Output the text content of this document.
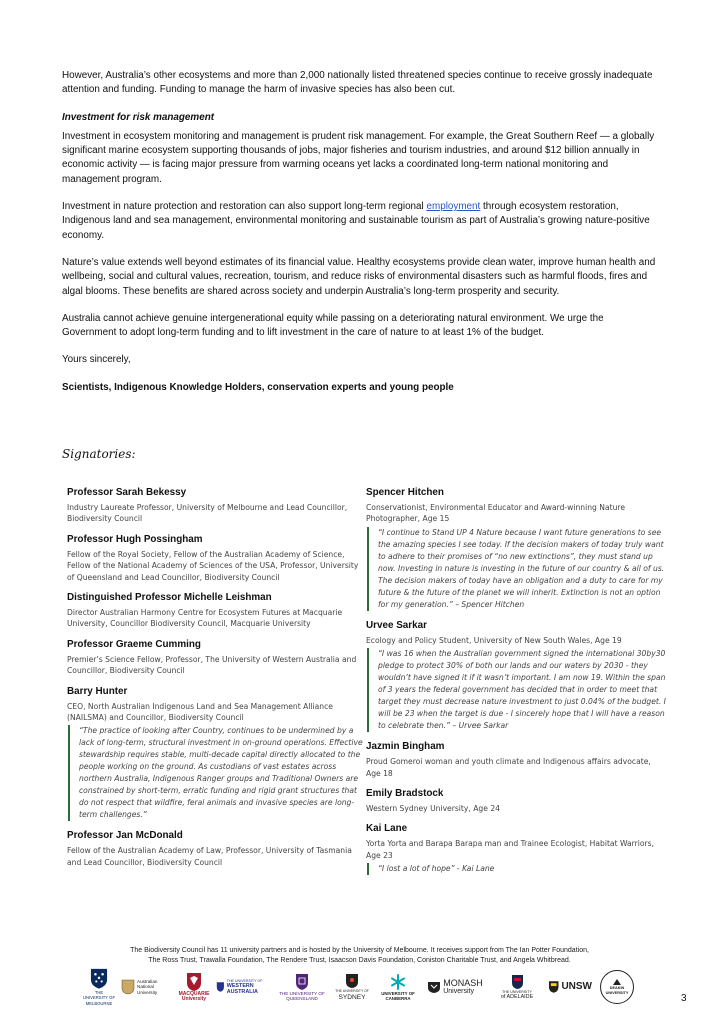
However, Australia’s other ecosystems and more than 2,000 nationally listed threatened species continue to receive grossly inadequate attention and funding. Funding to manage the harm of invasive species has also been cut.

Investment for risk management

Investment in ecosystem monitoring and management is prudent risk management. For example, the Great Southern Reef — a globally significant marine ecosystem supporting thousands of jobs, major fisheries and tourism industries, and around $12 billion annually in economic activity — is facing major pressure from warming oceans yet lacks a coordinated long-term national monitoring and management program.

Investment in nature protection and restoration can also support long-term regional employment through ecosystem restoration, Indigenous land and sea management, environmental monitoring and sustainable tourism as part of Australia’s growing nature-positive economy.

Nature’s value extends well beyond estimates of its financial value. Healthy ecosystems provide clean water, improve human health and wellbeing, social and cultural values, recreation, tourism, and reduce risks of environmental disasters such as harmful floods, fires and algal blooms. These benefits are shared across society and underpin Australia’s long-term prosperity and security.

Australia cannot achieve genuine intergenerational equity while passing on a deteriorating natural environment. We urge the Government to adopt long-term funding and to lift investment in the care of nature to at least 1% of the budget.

Yours sincerely,

Scientists, Indigenous Knowledge Holders, conservation experts and young people

Signatories:
Professor Sarah Bekessy
Industry Laureate Professor, University of Melbourne and Lead Councillor, Biodiversity Council
Professor Hugh Possingham
Fellow of the Royal Society, Fellow of the Australian Academy of Science, Fellow of the National Academy of Sciences of the USA, Professor, University of Queensland and Lead Councillor, Biodiversity Council
Distinguished Professor Michelle Leishman
Director Australian Harmony Centre for Ecosystem Futures at Macquarie University, Councillor Biodiversity Council, Macquarie University
Professor Graeme Cumming
Premier’s Science Fellow, Professor, The University of Western Australia and Councillor, Biodiversity Council
Barry Hunter
CEO, North Australian Indigenous Land and Sea Management Alliance (NAILSMA) and Councillor, Biodiversity Council
“The practice of looking after Country, continues to be undermined by a lack of long-term, structural investment in on-ground operations. Effective stewardship requires stable, multi-decade capital directly allocated to the people working on the ground. As custodians of vast estates across northern Australia, Indigenous Ranger groups and Traditional Owners are constrained by short-term, erratic funding and rigid grant structures that do not respect that wildfire, feral animals and invasive species are long-term challenges.”
Professor Jan McDonald
Fellow of the Australian Academy of Law, Professor, University of Tasmania and Lead Councillor, Biodiversity Council
Spencer Hitchen
Conservationist, Environmental Educator and Award-winning Nature Photographer, Age 15
“I continue to Stand UP 4 Nature because I want future generations to see the amazing species I see today. If the decision makers of today truly want to adhere to their promises of “no new extinctions”, they must stand up now. Investing in nature is investing in the future of our country & all of us. The decision makers of today have an obligation and a duty to care for my future & the future of the planet we will inherit. Extinction is not an option for my generation.” – Spencer Hitchen
Urvee Sarkar
Ecology and Policy Student, University of New South Wales, Age 19
“I was 16 when the Australian government signed the international 30by30 pledge to protect 30% of both our lands and our waters by 2030 - they wouldn’t have signed it if it wasn’t important. I am now 19. Within the span of 3 years the federal government has decided that in order to meet that target they must decrease nature investment to just 0.04% of the budget. I will be 23 when the target is due - I sincerely hope that I will have a reason to celebrate then.” – Urvee Sarkar
Jazmin Bingham
Proud Gomeroi woman and youth climate and Indigenous affairs advocate, Age 18
Emily Bradstock
Western Sydney University, Age 24
Kai Lane
Yorta Yorta and Barapa Barapa man and Trainee Ecologist, Habitat Warriors, Age 23
“I lost a lot of hope” - Kai Lane
The Biodiversity Council has 11 university partners and is hosted by the University of Melbourne. It receives support from The Ian Potter Foundation,
The Ross Trust, Trawalla Foundation, The Rendere Trust, Isaacson Davis Foundation, Coniston Charitable Trust, and Angela Whitbread.
THE UNIVERSITY OF MELBOURNE
Australian National University	MACQUARIE University
THE UNIVERSITY OF
WESTERN AUSTRALIA	THE UNIVERSITY OF QUEENSLAND
THE UNIVERSITY OF
SYDNEY
UNIVERSITY OF CANBERRA
MONASH
University	THE UNIVERSITY
of ADELAIDE
UNSW	DEAKIN UNIVERSITY	3
